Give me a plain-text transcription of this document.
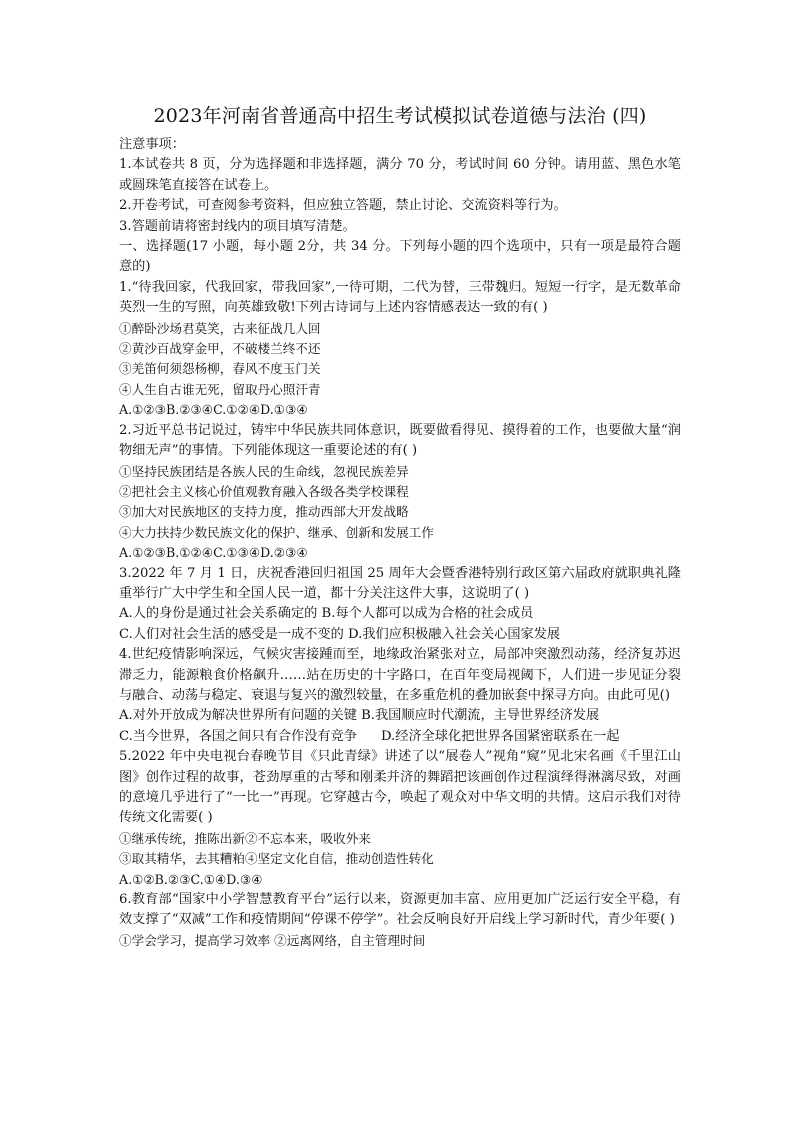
2023年河南省普通高中招生考试模拟试卷道德与法治 (四)

注意事项：

1.本试卷共 8 页，分为选择题和非选择题，满分 70 分，考试时间 60 分钟。请用蓝、黑色水笔或圆珠笔直接答在试卷上。

2.开卷考试，可查阅参考资料，但应独立答题，禁止讨论、交流资料等行为。

3.答题前请将密封线内的项目填写清楚。

一、选择题(17 小题，每小题 2分，共 34 分。下列每小题的四个选项中，只有一项是最符合题意的)

1.“待我回家，代我回家，带我回家”,一待可期，二代为替，三带魏归。短短一行字，是无数革命英烈一生的写照，向英雄致敬!下列古诗词与上述内容情感表达一致的有( )

①醉卧沙场君莫笑，古来征战几人回

②黄沙百战穿金甲，不破楼兰终不还

③羌笛何须怨杨柳，春风不度玉门关

④人生自古谁无死，留取丹心照汗青

A.①②③B.②③④C.①②④D.①③④

2.习近平总书记说过，铸牢中华民族共同体意识，既要做看得见、摸得着的工作，也要做大量“润物细无声”的事情。下列能体现这一重要论述的有( )

①坚持民族团结是各族人民的生命线，忽视民族差异

②把社会主义核心价值观教育融入各级各类学校课程

③加大对民族地区的支持力度，推动西部大开发战略

④大力扶持少数民族文化的保护、继承、创新和发展工作

A.①②③B.①②④C.①③④D.②③④

3.2022 年 7 月 1 日，庆祝香港回归祖国 25 周年大会暨香港特别行政区第六届政府就职典礼隆重举行广大中学生和全国人民一道，都十分关注这件大事，这说明了( )

A.人的身份是通过社会关系确定的 B.每个人都可以成为合格的社会成员

C.人们对社会生活的感受是一成不变的 D.我们应积极融入社会关心国家发展

4.世纪疫情影响深远，气候灾害接踵而至，地缘政治紧张对立，局部冲突激烈动荡，经济复苏迟滞乏力，能源粮食价格飙升……站在历史的十字路口，在百年变局视阈下，人们进一步见证分裂与融合、动荡与稳定、衰退与复兴的激烈较量，在多重危机的叠加嵌套中探寻方向。由此可见()

A.对外开放成为解决世界所有问题的关键 B.我国顺应时代潮流，主导世界经济发展

C.当今世界，各国之间只有合作没有竞争	D.经济全球化把世界各国紧密联系在一起

5.2022 年中央电视台春晚节目《只此青绿》讲述了以“展卷人”视角“窥”见北宋名画《千里江山图》创作过程的故事，苍劲厚重的古琴和刚柔并济的舞蹈把该画创作过程演绎得淋漓尽致，对画的意境几乎进行了“一比一”再现。它穿越古今，唤起了观众对中华文明的共情。这启示我们对待传统文化需要( )

①继承传统，推陈出新②不忘本来，吸收外来

③取其精华，去其糟粕④坚定文化自信，推动创造性转化

A.①②B.②③C.①④D.③④

6.教育部“国家中小学智慧教育平台”运行以来，资源更加丰富、应用更加广泛运行安全平稳，有效支撑了“双减”工作和疫情期间“停课不停学”。社会反响良好开启线上学习新时代，青少年要( )

①学会学习，提高学习效率 ②远离网络，自主管理时间
